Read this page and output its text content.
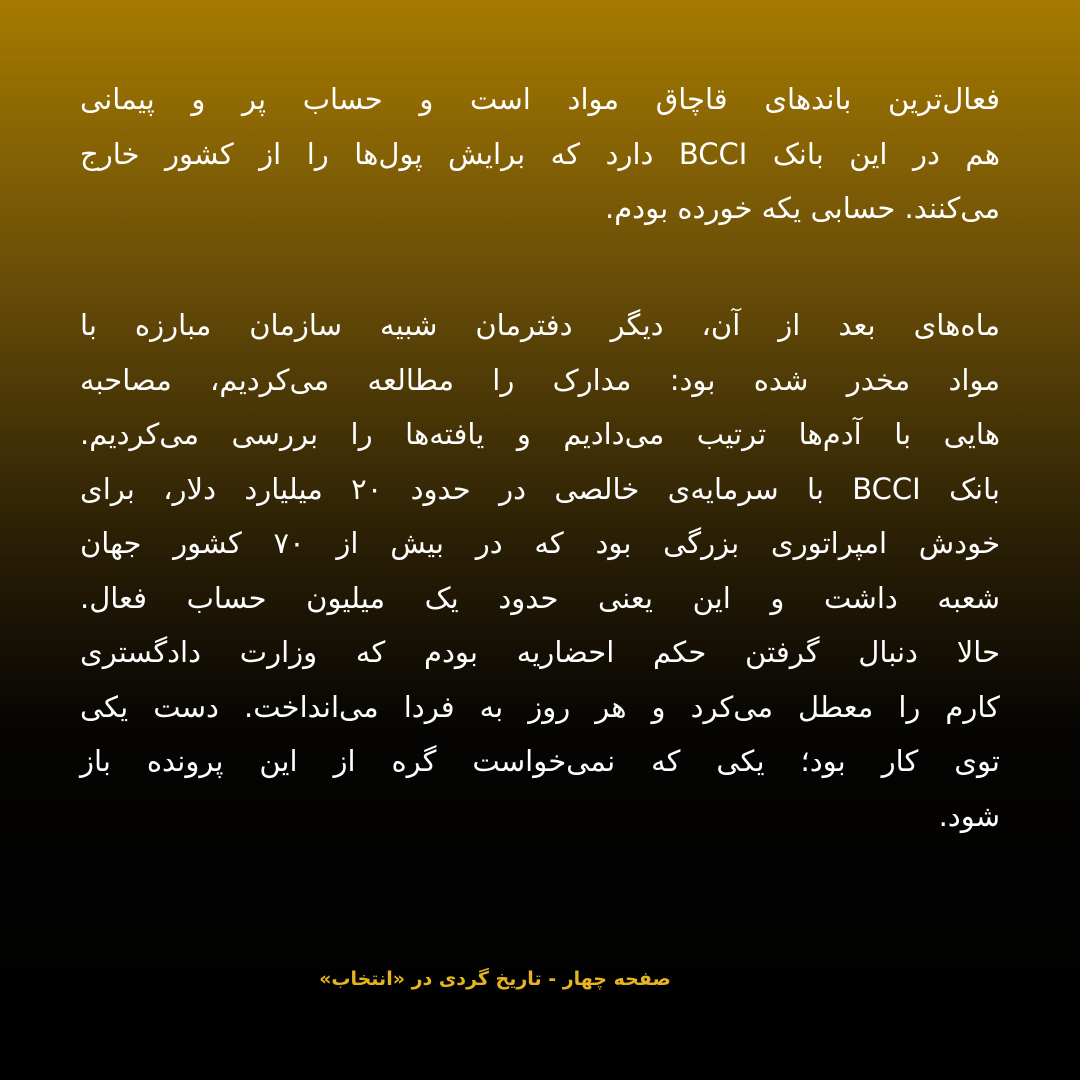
فعال‌ترین باندهای قاچاق مواد است و حساب پر و پیمانی
هم در این بانک BCCI دارد که برایش پول‌ها را از کشور خارج
می‌کنند. حسابی یکه خورده بودم.
ماه‌های بعد از آن، دیگر دفترمان شبیه سازمان مبارزه با
مواد مخدر شده بود: مدارک را مطالعه می‌کردیم، مصاحبه
هایی با آدم‌ها ترتیب می‌دادیم و یافته‌ها را بررسی می‌کردیم.
بانک BCCI با سرمایه‌ی خالصی در حدود ۲۰ میلیارد دلار، برای
خودش امپراتوری بزرگی بود که در بیش از ۷۰ کشور جهان
شعبه داشت و این یعنی حدود یک میلیون حساب فعال.
حالا دنبال گرفتن حکم احضاریه بودم که وزارت دادگستری
کارم را معطل می‌کرد و هر روز به فردا می‌انداخت. دست یکی
توی کار بود؛ یکی که نمی‌خواست گره از این پرونده باز
شود.
صفحه چهار - تاریخ گردی در «انتخاب»
